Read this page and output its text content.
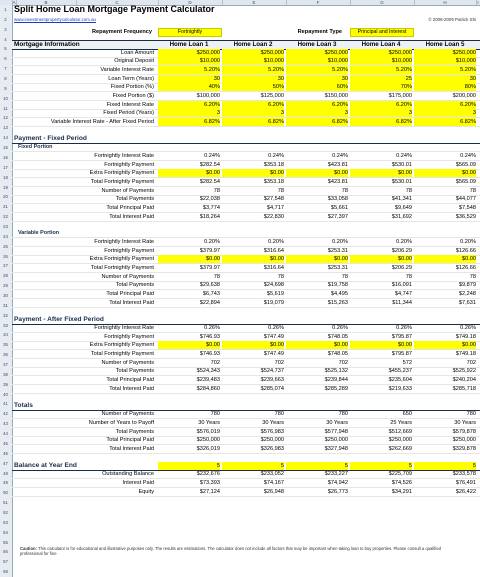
A	B	C	D	E	F	G	H	I
1
2
3
4
5
6
7
8
9
10
11
12
13
14
15
16
17
18
19
20
21
22
23
24
25
26
27
28
29
30
31
32
33
34
35
36
37
38
39
40
41
42
43
44
45
46
47
48
49
50
51
52
53
54
55
56
57
58
Split Home Loan Mortgage Payment Calculator
www.investmentpropertycalculator.com.au	© 2008-2009 Patrick Shi
Repayment Frequency	Fortnightly	Repayment Type	Principal and Interest
Mortgage Information	Home Loan 1	Home Loan 2	Home Loan 3	Home Loan 4	Home Loan 5
Loan Amount	$250,000	$250,000	$250,000	$250,000	$250,000
Original Deposit	$10,000	$10,000	$10,000	$10,000	$10,000
Variable Interest Rate	5.20%	5.20%	5.20%	5.20%	5.20%
Loan Term (Years)	30	30	30	25	30
Fixed Portion (%)	40%	50%	60%	70%	80%
Fixed Portion ($)	$100,000	$125,000	$150,000	$175,000	$200,000
Fixed Interest Rate	6.20%	6.20%	6.20%	6.20%	6.20%
Fixed Period (Years)	3	3	3	3	3
Variable Interest Rate - After Fixed Period	6.82%	6.82%	6.82%	6.82%	6.82%
Payment - Fixed Period
Fixed Portion
Fortnightly Interest Rate	0.24%	0.24%	0.24%	0.24%	0.24%
Fortnightly Payment	$282.54	$353.18	$423.81	$530.01	$565.09
Extra Fortnightly Payment	$0.00	$0.00	$0.00	$0.00	$0.00
Total Fortnightly Payment	$282.54	$353.18	$423.81	$530.01	$565.09
Number of Payments	78	78	78	78	78
Total Payments	$22,038	$27,548	$33,058	$41,341	$44,077
Total Principal Paid	$3,774	$4,717	$5,661	$9,649	$7,548
Total Interest Paid	$18,264	$22,830	$27,397	$31,692	$36,529
Variable Portion
Fortnightly Interest Rate	0.20%	0.20%	0.20%	0.20%	0.20%
Fortnightly Payment	$379.97	$316.64	$253.31	$206.29	$126.66
Extra Fortnightly Payment	$0.00	$0.00	$0.00	$0.00	$0.00
Total Fortnightly Payment	$379.97	$316.64	$253.31	$206.29	$126.66
Number of Payments	78	78	78	78	78
Total Payments	$29,638	$24,698	$19,758	$16,091	$9,879
Total Principal Paid	$6,743	$5,619	$4,495	$4,747	$2,248
Total Interest Paid	$22,894	$19,079	$15,263	$11,344	$7,631
Payment - After Fixed Period
Fortnightly Interest Rate	0.26%	0.26%	0.26%	0.26%	0.26%
Fortnightly Payment	$746.93	$747.49	$748.05	$795.87	$749.18
Extra Fortnightly Payment	$0.00	$0.00	$0.00	$0.00	$0.00
Total Fortnightly Payment	$746.93	$747.49	$748.05	$795.87	$749.18
Number of Payments	702	702	702	572	702
Total Payments	$524,343	$524,737	$525,132	$455,237	$525,922
Total Principal Paid	$239,483	$239,663	$239,844	$235,604	$240,204
Total Interest Paid	$284,860	$285,074	$285,289	$219,633	$285,718
Totals
Number of Payments	780	780	780	650	780
Number of Years to Payoff	30 Years	30 Years	30 Years	25 Years	30 Years
Total Payments	$576,019	$576,983	$577,948	$512,669	$579,878
Total Principal Paid	$250,000	$250,000	$250,000	$250,000	$250,000
Total Interest Paid	$326,019	$326,983	$327,948	$262,669	$329,878
Balance at Year End	5	5	5	5	5
Outstanding Balance	$232,676	$233,052	$233,227	$225,709	$233,578
Interest Paid	$73,393	$74,167	$74,942	$74,526	$76,491
Equity	$27,124	$26,948	$26,773	$34,291	$26,422
Caution: This calculator is for educational and illustrative purposes only. The results are estimations. The calculator does not include all factors that may be important when taking loan to buy properties. Please consult a qualified professional for fine
